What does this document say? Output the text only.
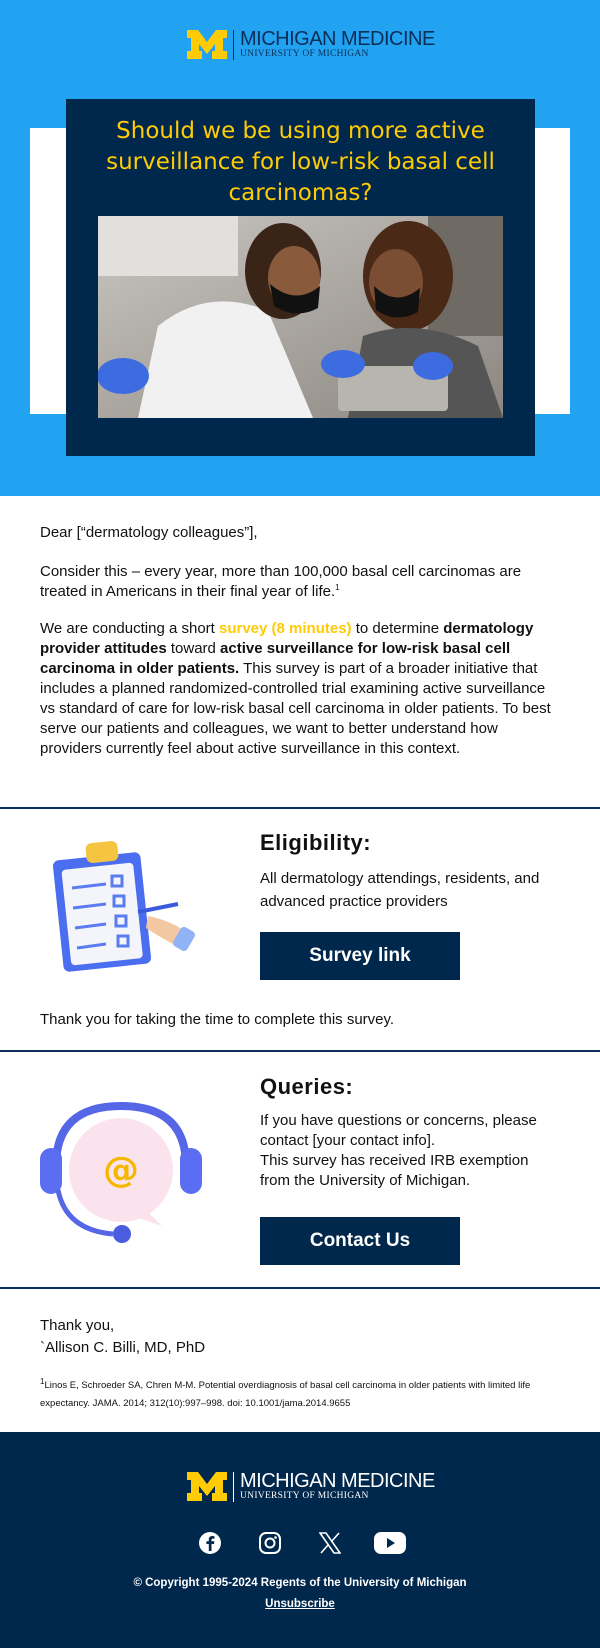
MICHIGAN MEDICINE
UNIVERSITY OF MICHIGAN
Should we be using more active surveillance for low-risk basal cell carcinomas?

Dear [“dermatology colleagues”],

Consider this – every year, more than 100,000 basal cell carcinomas are treated in Americans in their final year of life.$^1$

We are conducting a short survey (8 minutes) to determine dermatology provider attitudes toward active surveillance for low-risk basal cell carcinoma in older patients. This survey is part of a broader initiative that includes a planned randomized-controlled trial examining active surveillance vs standard of care for low-risk basal cell carcinoma in older patients. To best serve our patients and colleagues, we want to better understand how providers currently feel about active surveillance in this context.

Eligibility:
All dermatology attendings, residents, and advanced practice providers
Survey link
Thank you for taking the time to complete this survey.
@
Queries:
If you have questions or concerns, please contact [your contact info].
This survey has received IRB exemption from the University of Michigan.
Contact Us
Thank you,
`Allison C. Billi, MD, PhD
$^1$Linos E, Schroeder SA, Chren M-M. Potential overdiagnosis of basal cell carcinoma in older patients with limited life expectancy. JAMA. 2014; 312(10):997–998. doi: 10.1001/jama.2014.9655
MICHIGAN MEDICINE
UNIVERSITY OF MICHIGAN
© Copyright 1995-2024 Regents of the University of Michigan
Unsubscribe
